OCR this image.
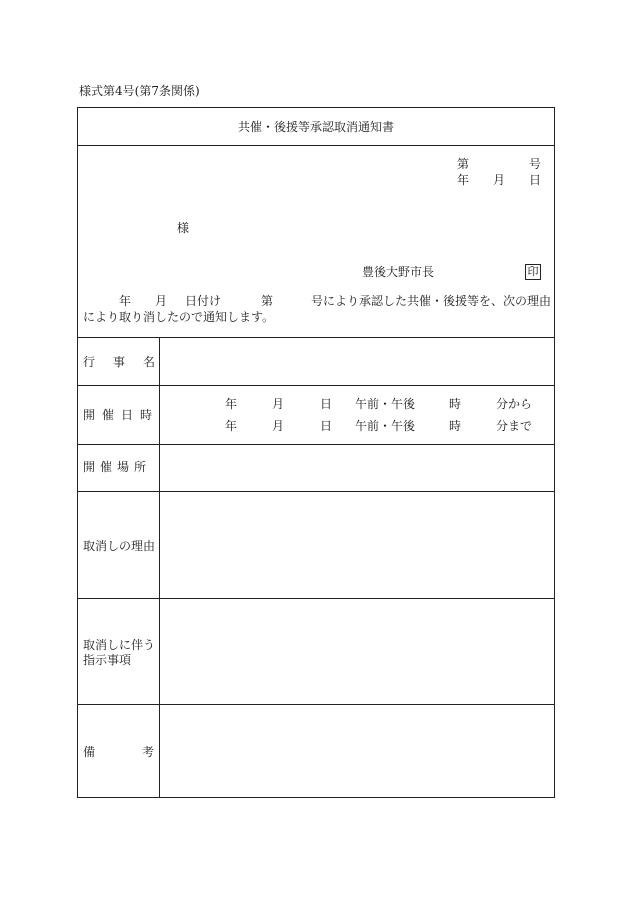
様式第4号(第7条関係)
共催・後援等承認取消通知書
第	号
年 月 日
様
豊後大野市長	印
年 月 日付け	第	号により承認した共催・後援等を、次の理由
により取り消したので通知します。
行 事 名
開 催 日 時
年	月	日 午前・午後	時	分から
年	月	日 午前・午後	時	分まで
開 催 場 所
取消しの理由
取消しに伴う
指示事項
備	考
